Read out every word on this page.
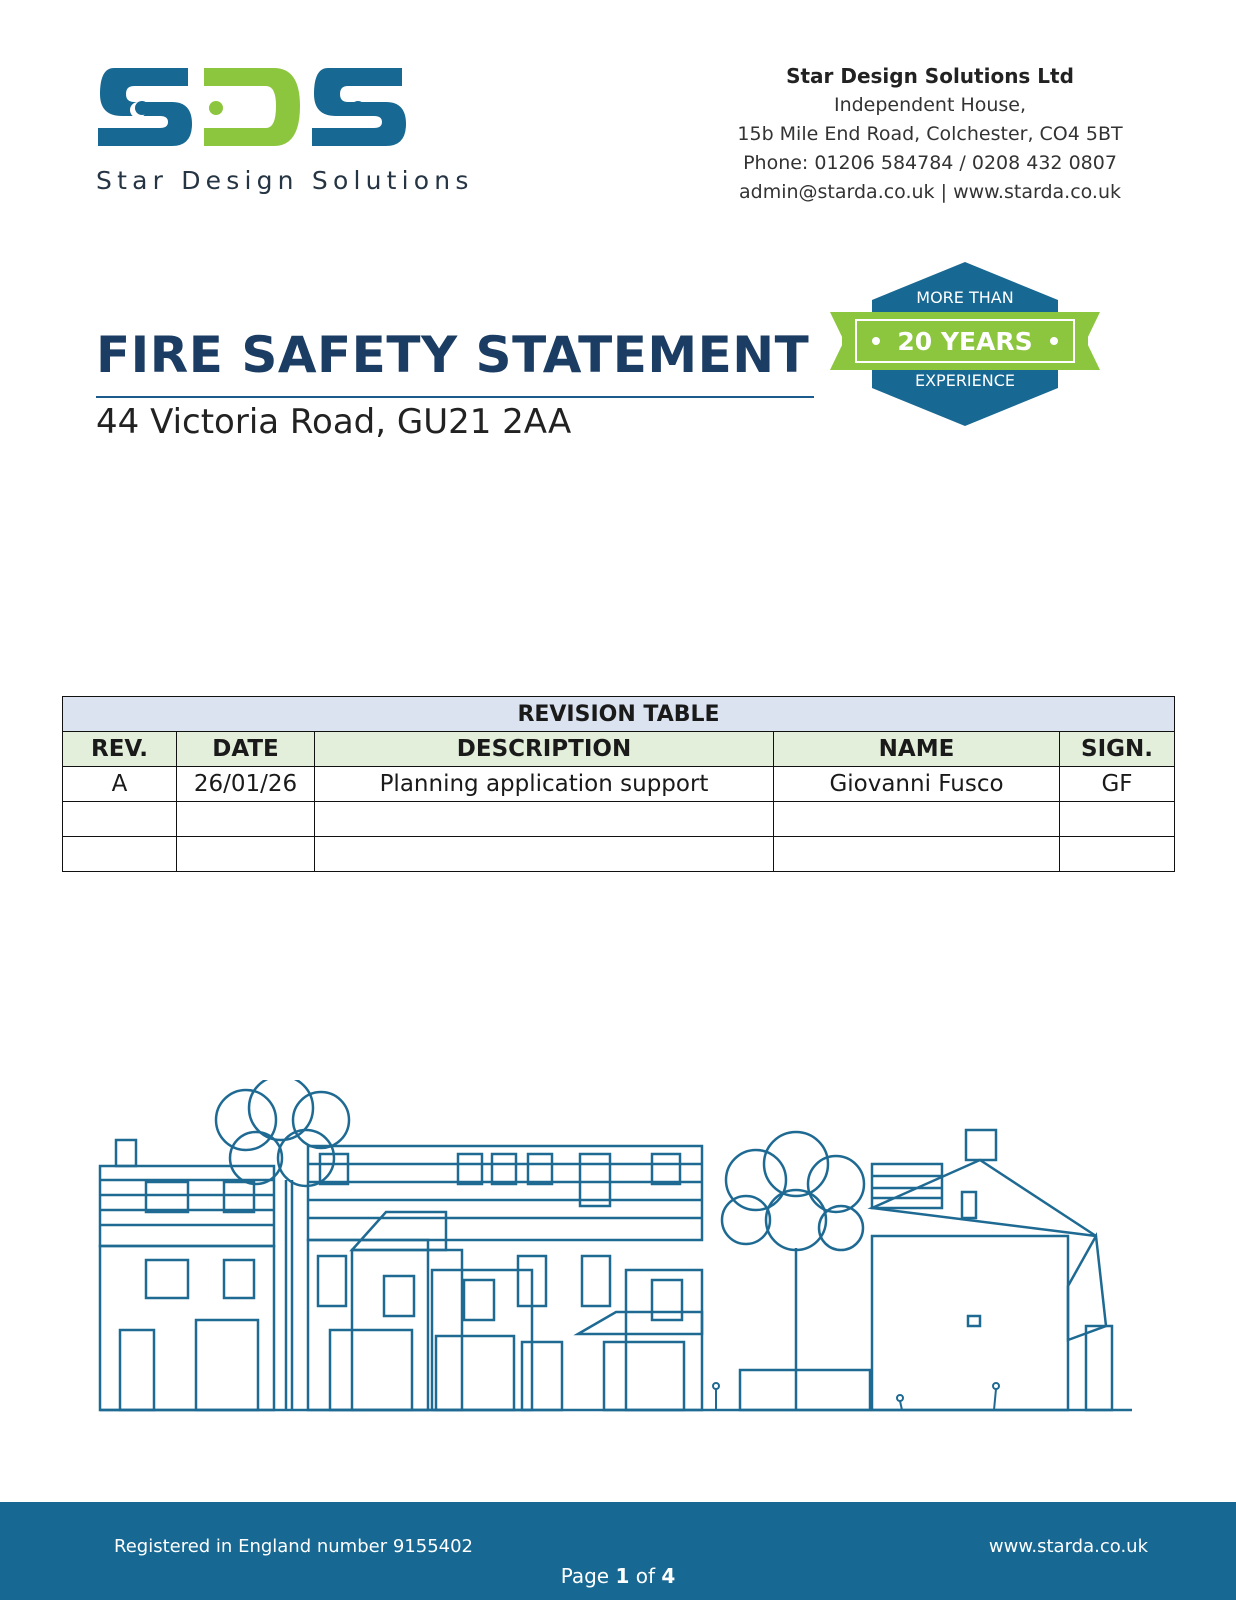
Star Design Solutions
Star Design Solutions Ltd
Independent House,
15b Mile End Road, Colchester, CO4 5BT
Phone: 01206 584784 / 0208 432 0807
admin@starda.co.uk | www.starda.co.uk
MORE THAN
20 YEARS
EXPERIENCE
FIRE SAFETY STATEMENT
44 Victoria Road, GU21 2AA
REVISION TABLE				
REV.	DATE	DESCRIPTION	NAME	SIGN.
A	26/01/26	Planning application support	Giovanni Fusco	GF

Registered in England number 9155402	www.starda.co.uk
Page 1 of 4
